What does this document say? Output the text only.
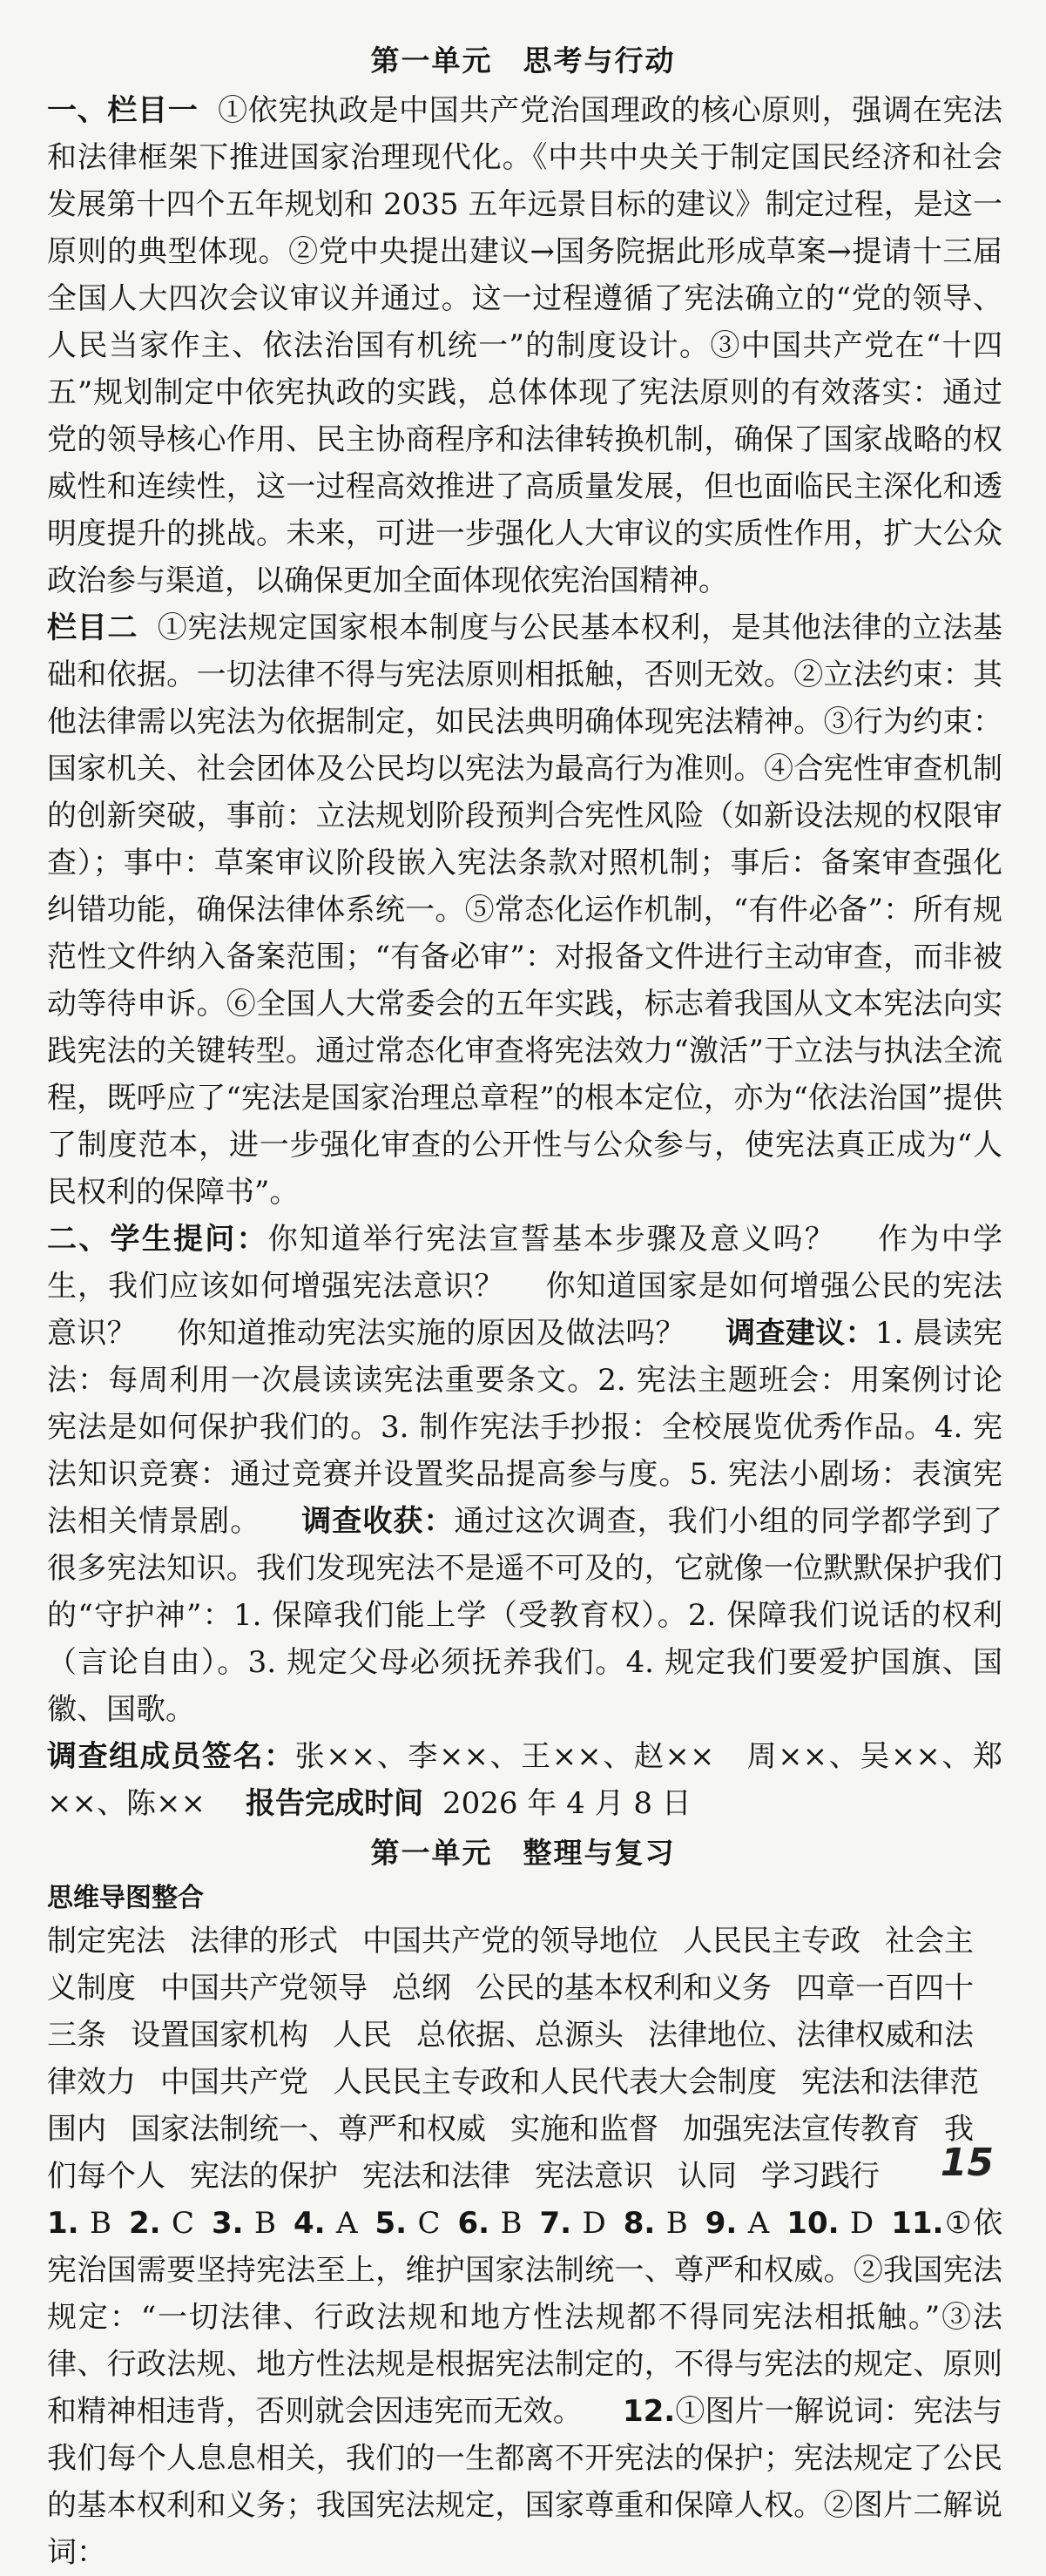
第一单元　思考与行动

一、栏目一 ①依宪执政是中国共产党治国理政的核心原则，强调在宪法和法律框架下推进国家治理现代化。《中共中央关于制定国民经济和社会发展第十四个五年规划和 2035 五年远景目标的建议》制定过程，是这一原则的典型体现。②党中央提出建议→国务院据此形成草案→提请十三届全国人大四次会议审议并通过。这一过程遵循了宪法确立的“党的领导、人民当家作主、依法治国有机统一”的制度设计。③中国共产党在“十四五”规划制定中依宪执政的实践，总体体现了宪法原则的有效落实：通过党的领导核心作用、民主协商程序和法律转换机制，确保了国家战略的权威性和连续性，这一过程高效推进了高质量发展，但也面临民主深化和透明度提升的挑战。未来，可进一步强化人大审议的实质性作用，扩大公众政治参与渠道，以确保更加全面体现依宪治国精神。

栏目二 ①宪法规定国家根本制度与公民基本权利，是其他法律的立法基础和依据。一切法律不得与宪法原则相抵触，否则无效。②立法约束：其他法律需以宪法为依据制定，如民法典明确体现宪法精神。③行为约束：国家机关、社会团体及公民均以宪法为最高行为准则。④合宪性审查机制的创新突破，事前：立法规划阶段预判合宪性风险（如新设法规的权限审查）；事中：草案审议阶段嵌入宪法条款对照机制；事后：备案审查强化纠错功能，确保法律体系统一。⑤常态化运作机制，“有件必备”：所有规范性文件纳入备案范围；“有备必审”：对报备文件进行主动审查，而非被动等待申诉。⑥全国人大常委会的五年实践，标志着我国从文本宪法向实践宪法的关键转型。通过常态化审查将宪法效力“激活”于立法与执法全流程，既呼应了“宪法是国家治理总章程”的根本定位，亦为“依法治国”提供了制度范本，进一步强化审查的公开性与公众参与，使宪法真正成为“人民权利的保障书”。

二、学生提问：你知道举行宪法宣誓基本步骤及意义吗？ 作为中学生，我们应该如何增强宪法意识？ 你知道国家是如何增强公民的宪法意识？ 你知道推动宪法实施的原因及做法吗？ 调查建议：1. 晨读宪法：每周利用一次晨读读宪法重要条文。2. 宪法主题班会：用案例讨论宪法是如何保护我们的。3. 制作宪法手抄报：全校展览优秀作品。4. 宪法知识竞赛：通过竞赛并设置奖品提高参与度。5. 宪法小剧场：表演宪法相关情景剧。 调查收获：通过这次调查，我们小组的同学都学到了很多宪法知识。我们发现宪法不是遥不可及的，它就像一位默默保护我们的“守护神”：1. 保障我们能上学（受教育权）。2. 保障我们说话的权利（言论自由）。3. 规定父母必须抚养我们。4. 规定我们要爱护国旗、国徽、国歌。

调查组成员签名：张××、李××、王××、赵××　周××、吴××、郑××、陈×× 报告完成时间 2026 年 4 月 8 日

第一单元　整理与复习
思维导图整合

制定宪法 法律的形式 中国共产党的领导地位 人民民主专政 社会主义制度 中国共产党领导 总纲 公民的基本权利和义务 四章一百四十三条 设置国家机构 人民 总依据、总源头 法律地位、法律权威和法律效力 中国共产党 人民民主专政和人民代表大会制度 宪法和法律范围内 国家法制统一、尊严和权威 实施和监督 加强宪法宣传教育 我们每个人 宪法的保护 宪法和法律 宪法意识 认同 学习践行

1. B 2. C 3. B 4. A 5. C 6. B 7. D 8. B 9. A 10. D 11.①依宪治国需要坚持宪法至上，维护国家法制统一、尊严和权威。②我国宪法规定：“一切法律、行政法规和地方性法规都不得同宪法相抵触。”③法律、行政法规、地方性法规是根据宪法制定的，不得与宪法的规定、原则和精神相违背，否则就会因违宪而无效。 12.①图片一解说词：宪法与我们每个人息息相关，我们的一生都离不开宪法的保护；宪法规定了公民的基本权利和义务；我国宪法规定，国家尊重和保障人权。②图片二解说词：

15
